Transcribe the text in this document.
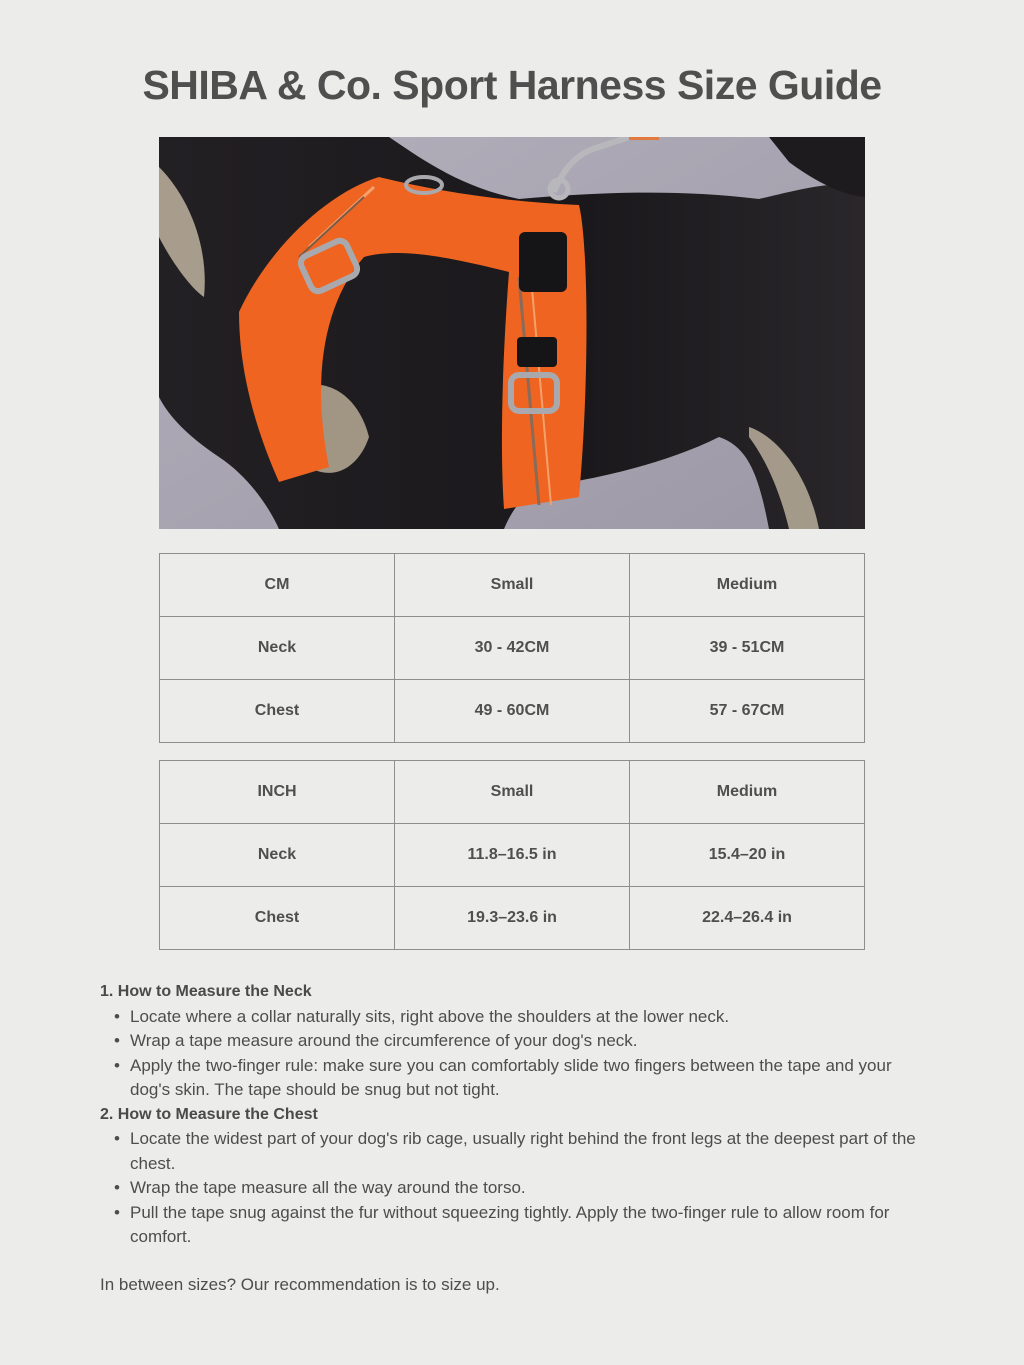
SHIBA & Co. Sport Harness Size Guide
CM	Small	Medium
Neck	30 - 42CM	39 - 51CM
Chest	49 - 60CM	57 - 67CM
INCH	Small	Medium
Neck	11.8–16.5 in	15.4–20 in
Chest	19.3–23.6 in	22.4–26.4 in

1. How to Measure the Neck

• Locate where a collar naturally sits, right above the shoulders at the lower neck.
• Wrap a tape measure around the circumference of your dog's neck.
• Apply the two-finger rule: make sure you can comfortably slide two fingers between the tape and your dog's skin. The tape should be snug but not tight.

2. How to Measure the Chest

• Locate the widest part of your dog's rib cage, usually right behind the front legs at the deepest part of the chest.
• Wrap the tape measure all the way around the torso.
• Pull the tape snug against the fur without squeezing tightly. Apply the two-finger rule to allow room for comfort.

In between sizes? Our recommendation is to size up.
